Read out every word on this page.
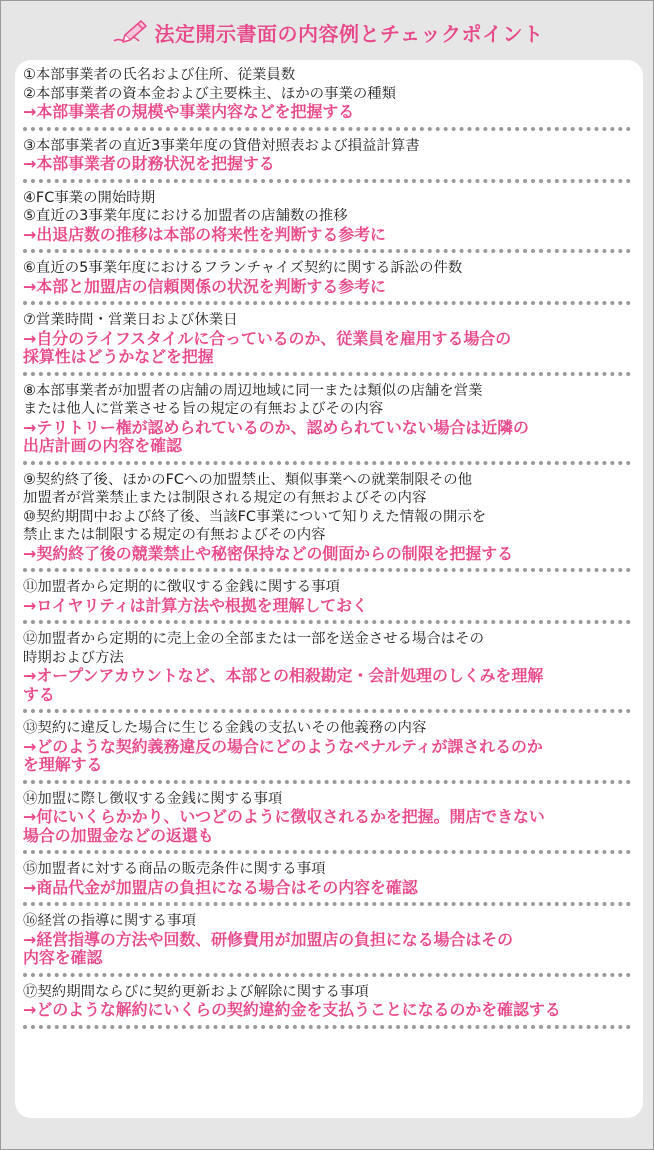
法定開示書面の内容例とチェックポイント
①本部事業者の氏名および住所、従業員数
②本部事業者の資本金および主要株主、ほかの事業の種類
→本部事業者の規模や事業内容などを把握する
③本部事業者の直近3事業年度の貸借対照表および損益計算書
→本部事業者の財務状況を把握する
④FC事業の開始時期
⑤直近の3事業年度における加盟者の店舗数の推移
→出退店数の推移は本部の将来性を判断する参考に
⑥直近の5事業年度におけるフランチャイズ契約に関する訴訟の件数
→本部と加盟店の信頼関係の状況を判断する参考に
⑦営業時間・営業日および休業日
→自分のライフスタイルに合っているのか、従業員を雇用する場合の
採算性はどうかなどを把握
⑧本部事業者が加盟者の店舗の周辺地域に同一または類似の店舗を営業
または他人に営業させる旨の規定の有無およびその内容
→テリトリー権が認められているのか、認められていない場合は近隣の
出店計画の内容を確認
⑨契約終了後、ほかのFCへの加盟禁止、類似事業への就業制限その他
加盟者が営業禁止または制限される規定の有無およびその内容
⑩契約期間中および終了後、当該FC事業について知りえた情報の開示を
禁止または制限する規定の有無およびその内容
→契約終了後の競業禁止や秘密保持などの側面からの制限を把握する
⑪加盟者から定期的に徴収する金銭に関する事項
→ロイヤリティは計算方法や根拠を理解しておく
⑫加盟者から定期的に売上金の全部または一部を送金させる場合はその
時期および方法
→オープンアカウントなど、本部との相殺勘定・会計処理のしくみを理解
する
⑬契約に違反した場合に生じる金銭の支払いその他義務の内容
→どのような契約義務違反の場合にどのようなペナルティが課されるのか
を理解する
⑭加盟に際し徴収する金銭に関する事項
→何にいくらかかり、いつどのように徴収されるかを把握。開店できない
場合の加盟金などの返還も
⑮加盟者に対する商品の販売条件に関する事項
→商品代金が加盟店の負担になる場合はその内容を確認
⑯経営の指導に関する事項
→経営指導の方法や回数、研修費用が加盟店の負担になる場合はその
内容を確認
⑰契約期間ならびに契約更新および解除に関する事項
→どのような解約にいくらの契約違約金を支払うことになるのかを確認する
